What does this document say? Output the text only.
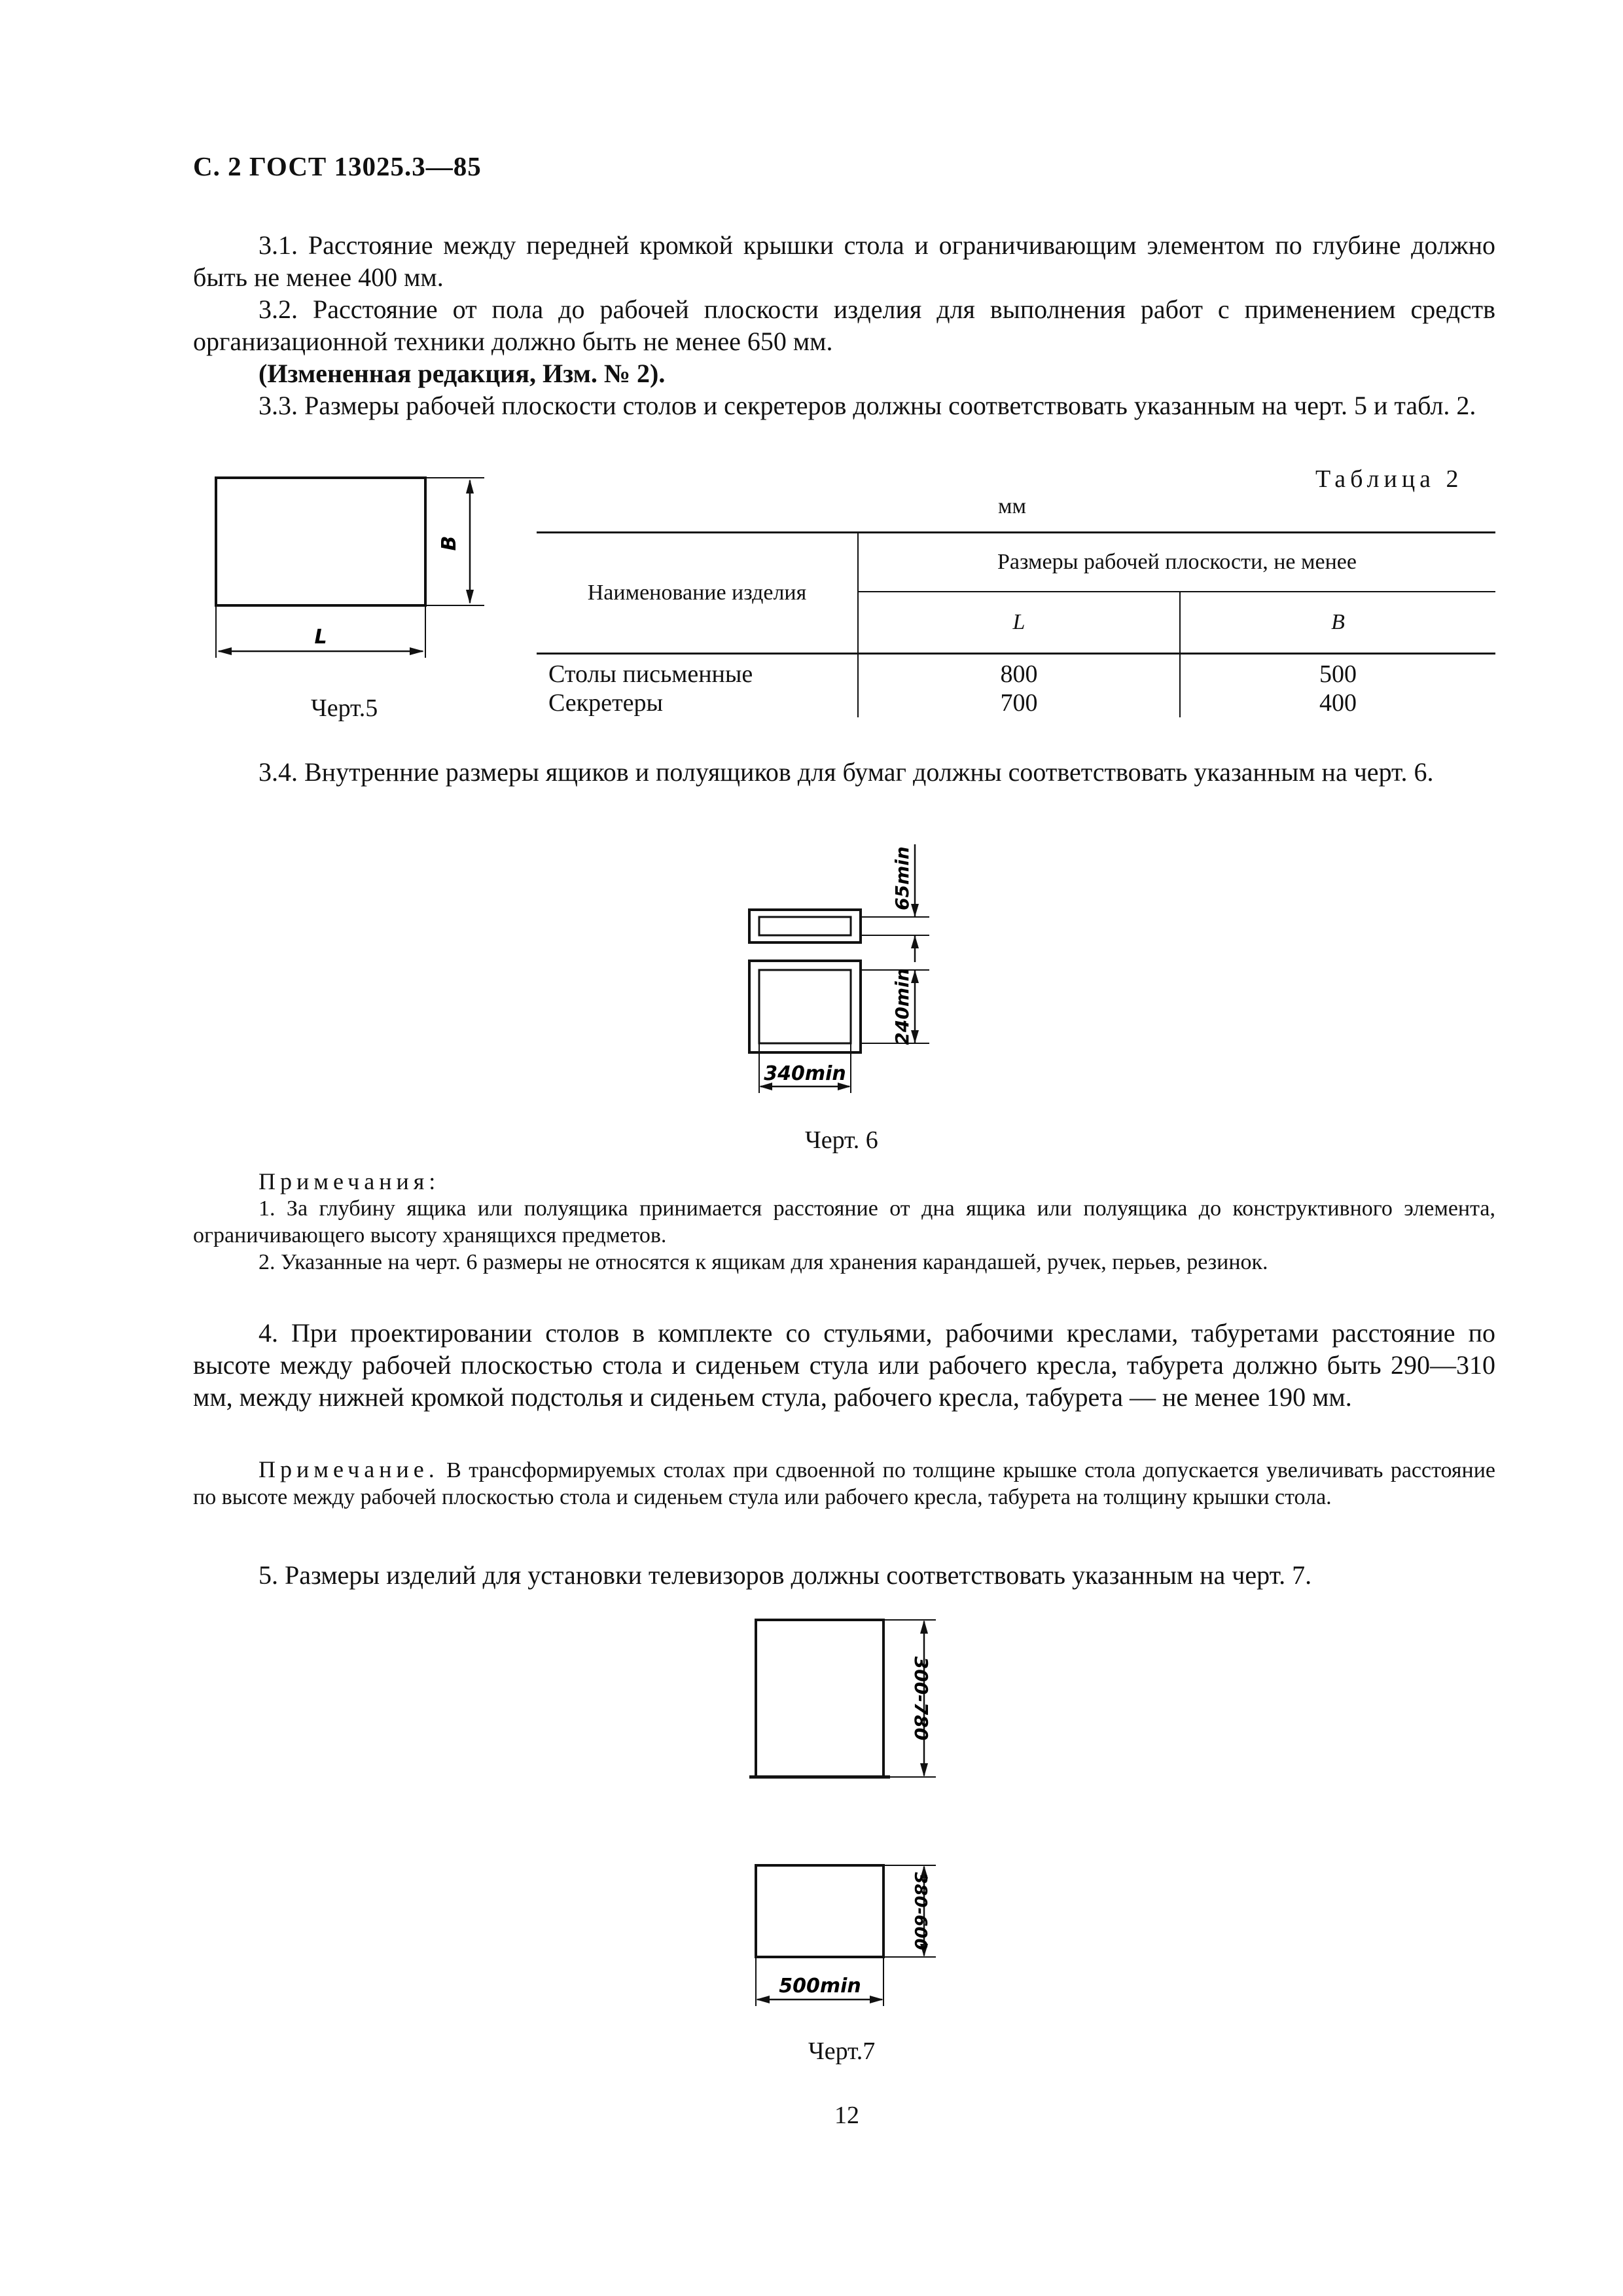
С. 2 ГОСТ 13025.3—85

3.1. Расстояние между передней кромкой крышки стола и ограничивающим элементом по глубине должно быть не менее 400 мм.

3.2. Расстояние от пола до рабочей плоскости изделия для выполнения работ с применением средств организационной техники должно быть не менее 650 мм.

(Измененная редакция, Изм. № 2).

3.3. Размеры рабочей плоскости столов и секретеров должны соответствовать указанным на черт. 5 и табл. 2.

B
L
Черт.5
Таблица 2
мм
Наименование изделия	Размеры рабочей плоскости, не менее	
	L	B
Столы письменные	800	500
Секретеры	700	400

3.4. Внутренние размеры ящиков и полуящиков для бумаг должны соответствовать указанным на черт. 6.

65min
240min
340min
Черт. 6
Примечания:

1. За глубину ящика или полуящика принимается расстояние от дна ящика или полуящика до конструктивного элемента, ограничивающего высоту хранящихся предметов.

2. Указанные на черт. 6 размеры не относятся к ящикам для хранения карандашей, ручек, перьев, резинок.

4. При проектировании столов в комплекте со стульями, рабочими креслами, табуретами расстояние по высоте между рабочей плоскостью стола и сиденьем стула или рабочего кресла, табурета должно быть 290—310 мм, между нижней кромкой подстолья и сиденьем стула, рабочего кресла, табурета — не менее 190 мм.

Примечание. В трансформируемых столах при сдвоенной по толщине крышке стола допускается увеличивать расстояние по высоте между рабочей плоскостью стола и сиденьем стула или рабочего кресла, табурета на толщину крышки стола.

5. Размеры изделий для установки телевизоров должны соответствовать указанным на черт. 7.

300-780
380-600
500min
Черт.7
12
